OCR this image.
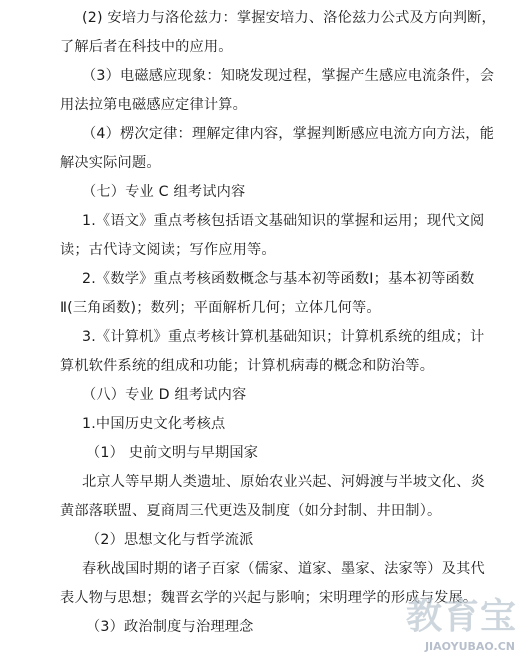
(2) 安培力与洛伦兹力：掌握安培力、洛伦兹力公式及方向判断，
了解后者在科技中的应用。
（3）电磁感应现象：知晓发现过程，掌握产生感应电流条件，会
用法拉第电磁感应定律计算。
（4）楞次定律：理解定律内容，掌握判断感应电流方向方法，能
解决实际问题。
（七）专业 C 组考试内容
1.《语文》重点考核包括语文基础知识的掌握和运用；现代文阅
读；古代诗文阅读；写作应用等。
2.《数学》重点考核函数概念与基本初等函数Ⅰ；基本初等函数
Ⅱ(三角函数)；数列；平面解析几何；立体几何等。
3.《计算机》重点考核计算机基础知识；计算机系统的组成；计
算机软件系统的组成和功能；计算机病毒的概念和防治等。
（八）专业 D 组考试内容
1.中国历史文化考核点
（1） 史前文明与早期国家
北京人等早期人类遗址、原始农业兴起、河姆渡与半坡文化、炎
黄部落联盟、夏商周三代更迭及制度（如分封制、井田制）。
（2）思想文化与哲学流派
春秋战国时期的诸子百家（儒家、道家、墨家、法家等）及其代
表人物与思想；魏晋玄学的兴起与影响；宋明理学的形成与发展。
（3）政治制度与治理理念	教育宝
JIAOYUBAO.CN
